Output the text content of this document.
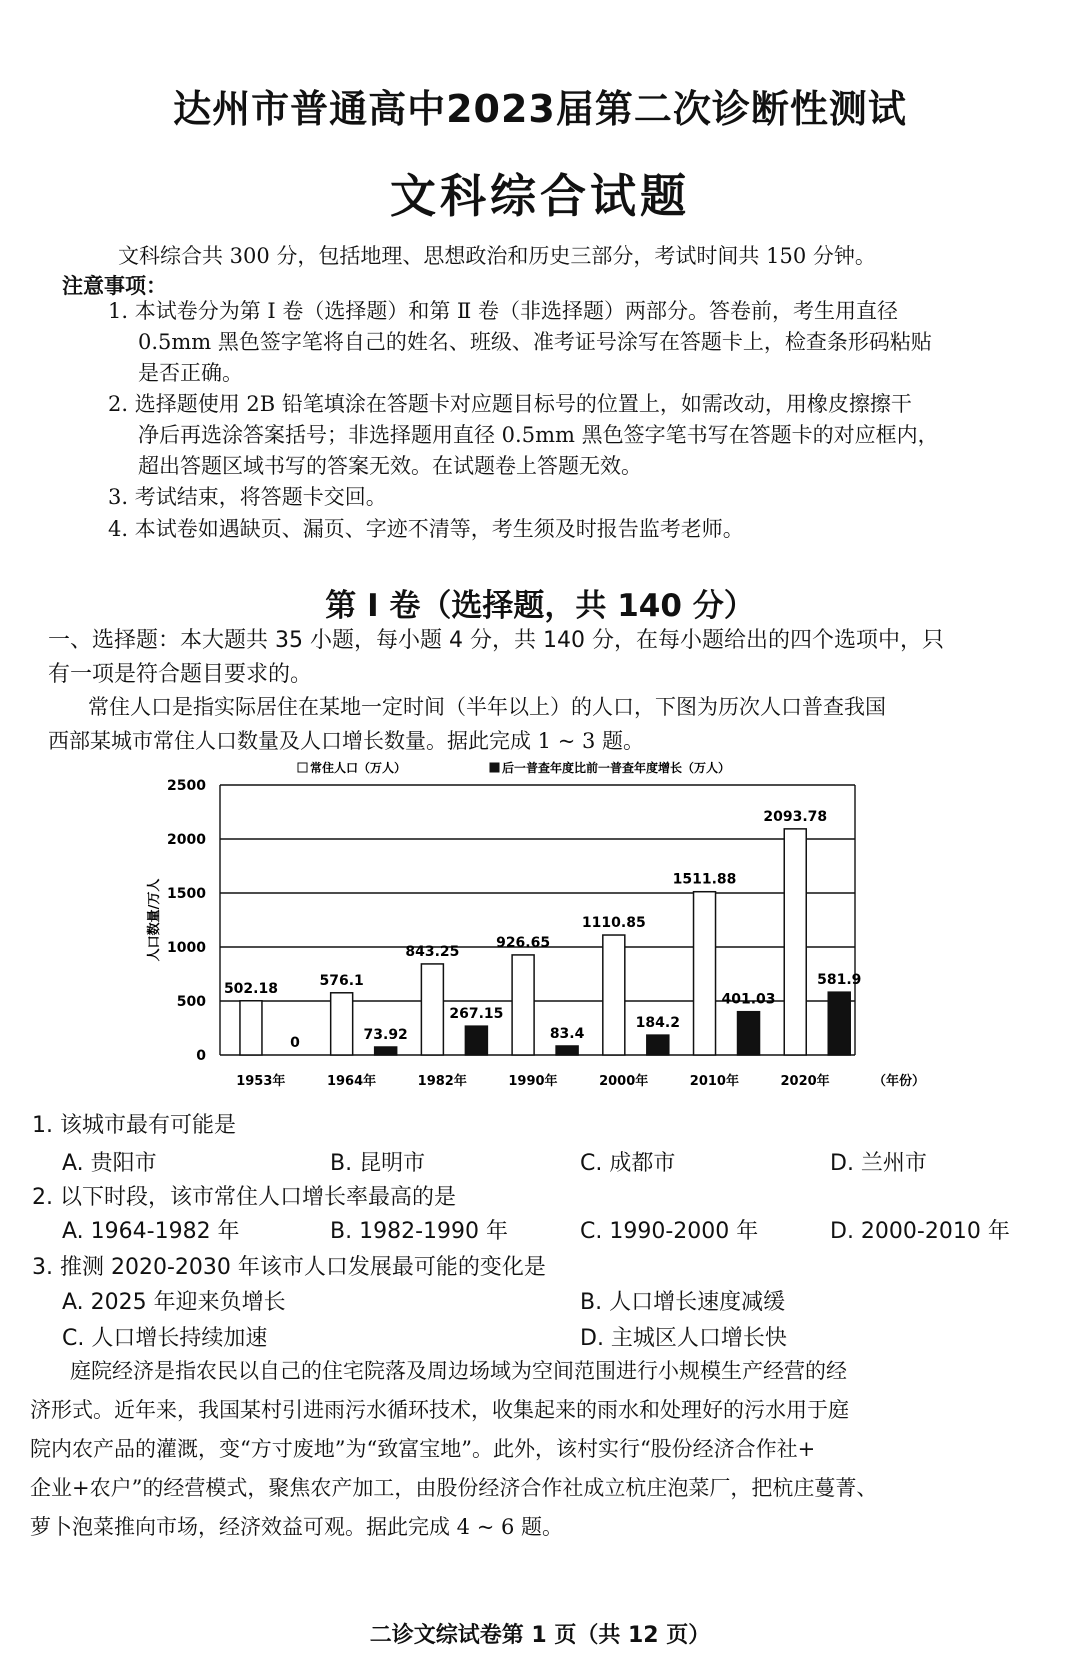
达州市普通高中2023届第二次诊断性测试
文科综合试题
文科综合共 300 分，包括地理、思想政治和历史三部分，考试时间共 150 分钟。
注意事项：
1. 本试卷分为第 Ⅰ 卷（选择题）和第 Ⅱ 卷（非选择题）两部分。答卷前，考生用直径
0.5mm 黑色签字笔将自己的姓名、班级、准考证号涂写在答题卡上，检查条形码粘贴
是否正确。
2. 选择题使用 2B 铅笔填涂在答题卡对应题目标号的位置上，如需改动，用橡皮擦擦干
净后再选涂答案括号；非选择题用直径 0.5mm 黑色签字笔书写在答题卡的对应框内，
超出答题区域书写的答案无效。在试题卷上答题无效。
3. 考试结束，将答题卡交回。
4. 本试卷如遇缺页、漏页、字迹不清等，考生须及时报告监考老师。
第 Ⅰ 卷（选择题，共 140 分）
一、选择题：本大题共 35 小题，每小题 4 分，共 140 分，在每小题给出的四个选项中，只
有一项是符合题目要求的。
常住人口是指实际居住在某地一定时间（半年以上）的人口，下图为历次人口普查我国
西部某城市常住人口数量及人口增长数量。据此完成 1 ~ 3 题。
常住人口（万人）	后一普查年度比前一普查年度增长（万人）
0
500
1000
1500
2000
2500
人口数量/万人
502.18
0
1953年
576.1
73.92
1964年
843.25
267.15
1982年
926.65
83.4
1990年
1110.85
184.2
2000年
1511.88
401.03
2010年
2093.78
581.9
2020年	（年份）
1. 该城市最有可能是
A. 贵阳市	B. 昆明市	C. 成都市	D. 兰州市
2. 以下时段，该市常住人口增长率最高的是
A. 1964-1982 年	B. 1982-1990 年	C. 1990-2000 年	D. 2000-2010 年
3. 推测 2020-2030 年该市人口发展最可能的变化是
A. 2025 年迎来负增长	B. 人口增长速度减缓
C. 人口增长持续加速	D. 主城区人口增长快
庭院经济是指农民以自己的住宅院落及周边场域为空间范围进行小规模生产经营的经
济形式。近年来，我国某村引进雨污水循环技术，收集起来的雨水和处理好的污水用于庭
院内农产品的灌溉，变“方寸废地”为“致富宝地”。此外，该村实行“股份经济合作社+
企业+农户”的经营模式，聚焦农产加工，由股份经济合作社成立杭庄泡菜厂，把杭庄蔓菁、
萝卜泡菜推向市场，经济效益可观。据此完成 4 ~ 6 题。
二诊文综试卷第 1 页（共 12 页）
